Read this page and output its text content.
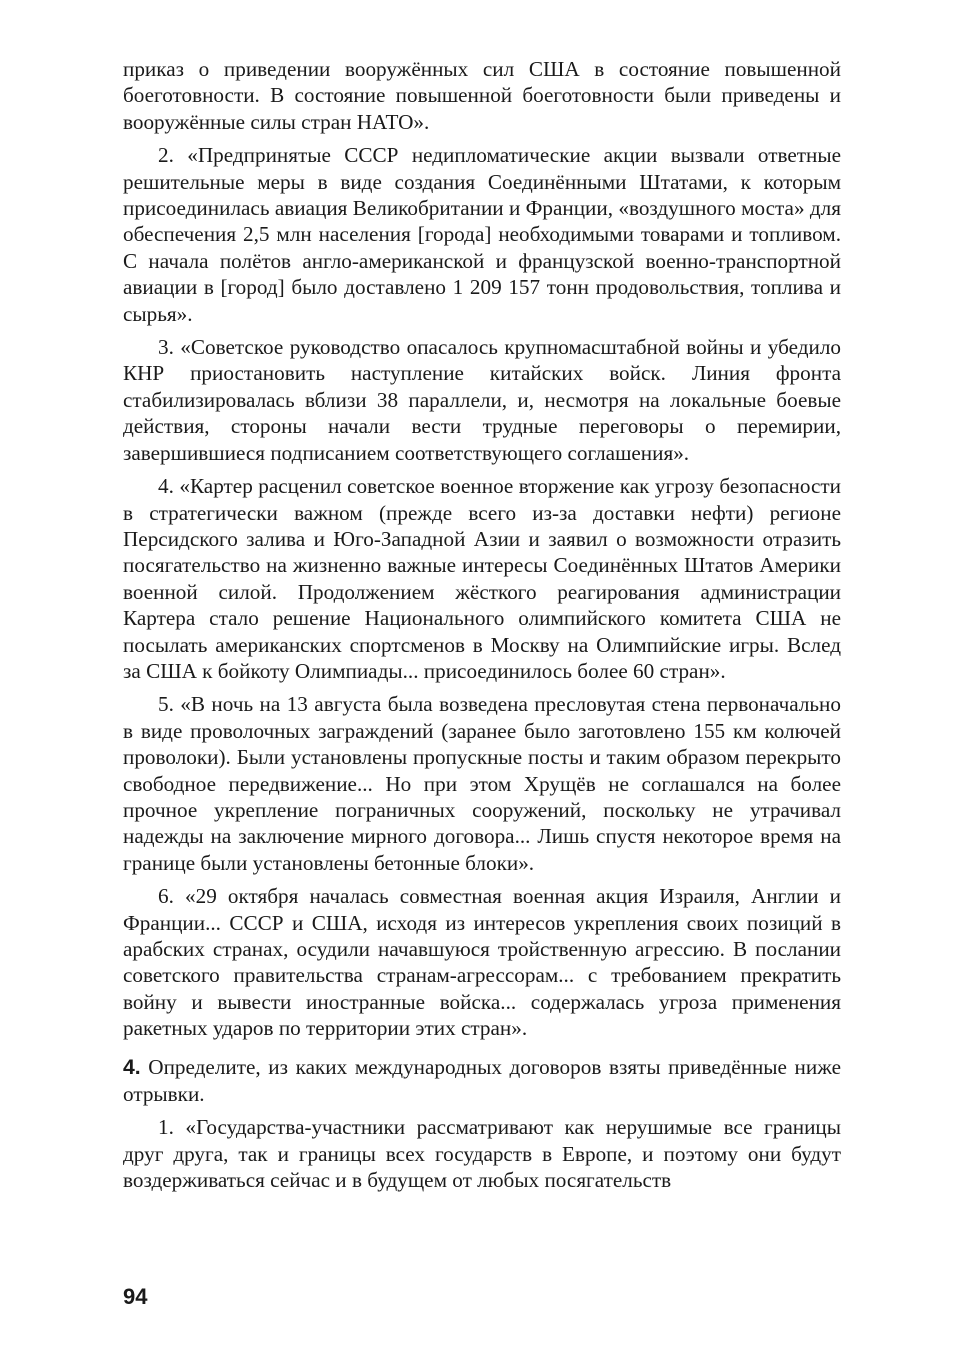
приказ о приведении вооружённых сил США в состояние повышенной боеготовности. В состояние повышенной боеготовности были приведены и вооружённые силы стран НАТО».

2. «Предпринятые СССР недипломатические акции вызвали ответные решительные меры в виде создания Соединёнными Штатами, к которым присоединилась авиация Великобритании и Франции, «воздушного моста» для обеспечения 2,5 млн населения [города] необходимыми товарами и топливом. С начала полётов англо-американской и французской военно-транспортной авиации в [город] было доставлено 1 209 157 тонн продовольствия, топлива и сырья».

3. «Советское руководство опасалось крупномасштабной войны и убедило КНР приостановить наступление китайских войск. Линия фронта стабилизировалась вблизи 38 параллели, и, несмотря на локальные боевые действия, стороны начали вести трудные переговоры о перемирии, завершившиеся подписанием соответствующего соглашения».

4. «Картер расценил советское военное вторжение как угрозу безопасности в стратегически важном (прежде всего из-за доставки нефти) регионе Персидского залива и Юго-Западной Азии и заявил о возможности отразить посягательство на жизненно важные интересы Соединённых Штатов Америки военной силой. Продолжением жёсткого реагирования администрации Картера стало решение Национального олимпийского комитета США не посылать американских спортсменов в Москву на Олимпийские игры. Вслед за США к бойкоту Олимпиады... присоединилось более 60 стран».

5. «В ночь на 13 августа была возведена пресловутая стена первоначально в виде проволочных заграждений (заранее было заготовлено 155 км колючей проволоки). Были установлены пропускные посты и таким образом перекрыто свободное передвижение... Но при этом Хрущёв не соглашался на более прочное укрепление пограничных сооружений, поскольку не утрачивал надежды на заключение мирного договора... Лишь спустя некоторое время на границе были установлены бетонные блоки».

6. «29 октября началась совместная военная акция Израиля, Англии и Франции... СССР и США, исходя из интересов укрепления своих позиций в арабских странах, осудили начавшуюся тройственную агрессию. В послании советского правительства странам-агрессорам... с требованием прекратить войну и вывести иностранные войска... содержалась угроза применения ракетных ударов по территории этих стран».

4. Определите, из каких международных договоров взяты приведённые ниже отрывки.

1. «Государства-участники рассматривают как нерушимые все границы друг друга, так и границы всех государств в Европе, и поэтому они будут воздерживаться сейчас и в будущем от любых посягательств

94
